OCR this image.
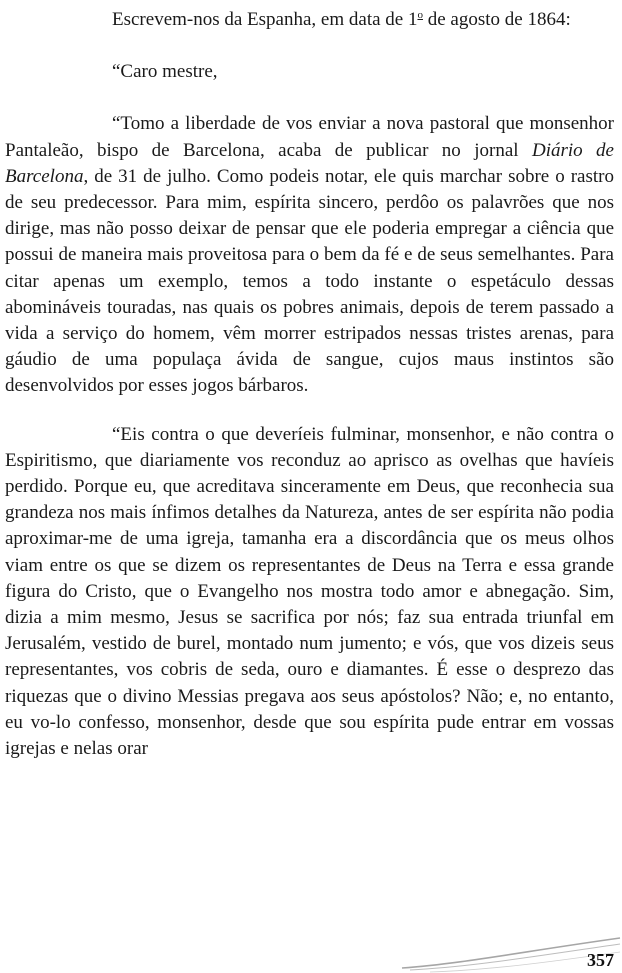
Escrevem-nos da Espanha, em data de 1$^o$ de agosto de 1864:

“Caro mestre,

“Tomo a liberdade de vos enviar a nova pastoral que monsenhor Pantaleão, bispo de Barcelona, acaba de publicar no jornal Diário de Barcelona, de 31 de julho. Como podeis notar, ele quis marchar sobre o rastro de seu predecessor. Para mim, espírita sincero, perdôo os palavrões que nos dirige, mas não posso deixar de pensar que ele poderia empregar a ciência que possui de maneira mais proveitosa para o bem da fé e de seus semelhantes. Para citar apenas um exemplo, temos a todo instante o espetáculo dessas abomináveis touradas, nas quais os pobres animais, depois de terem passado a vida a serviço do homem, vêm morrer estripados nessas tristes arenas, para gáudio de uma populaça ávida de sangue, cujos maus instintos são desenvolvidos por esses jogos bárbaros.

“Eis contra o que deveríeis fulminar, monsenhor, e não contra o Espiritismo, que diariamente vos reconduz ao aprisco as ovelhas que havíeis perdido. Porque eu, que acreditava sinceramente em Deus, que reconhecia sua grandeza nos mais ínfimos detalhes da Natureza, antes de ser espírita não podia aproximar-me de uma igreja, tamanha era a discordância que os meus olhos viam entre os que se dizem os representantes de Deus na Terra e essa grande figura do Cristo, que o Evangelho nos mostra todo amor e abnegação. Sim, dizia a mim mesmo, Jesus se sacrifica por nós; faz sua entrada triunfal em Jerusalém, vestido de burel, montado num jumento; e vós, que vos dizeis seus representantes, vos cobris de seda, ouro e diamantes. É esse o desprezo das riquezas que o divino Messias pregava aos seus apóstolos? Não; e, no entanto, eu vo-lo confesso, monsenhor, desde que sou espírita pude entrar em vossas igrejas e nelas orar

357
